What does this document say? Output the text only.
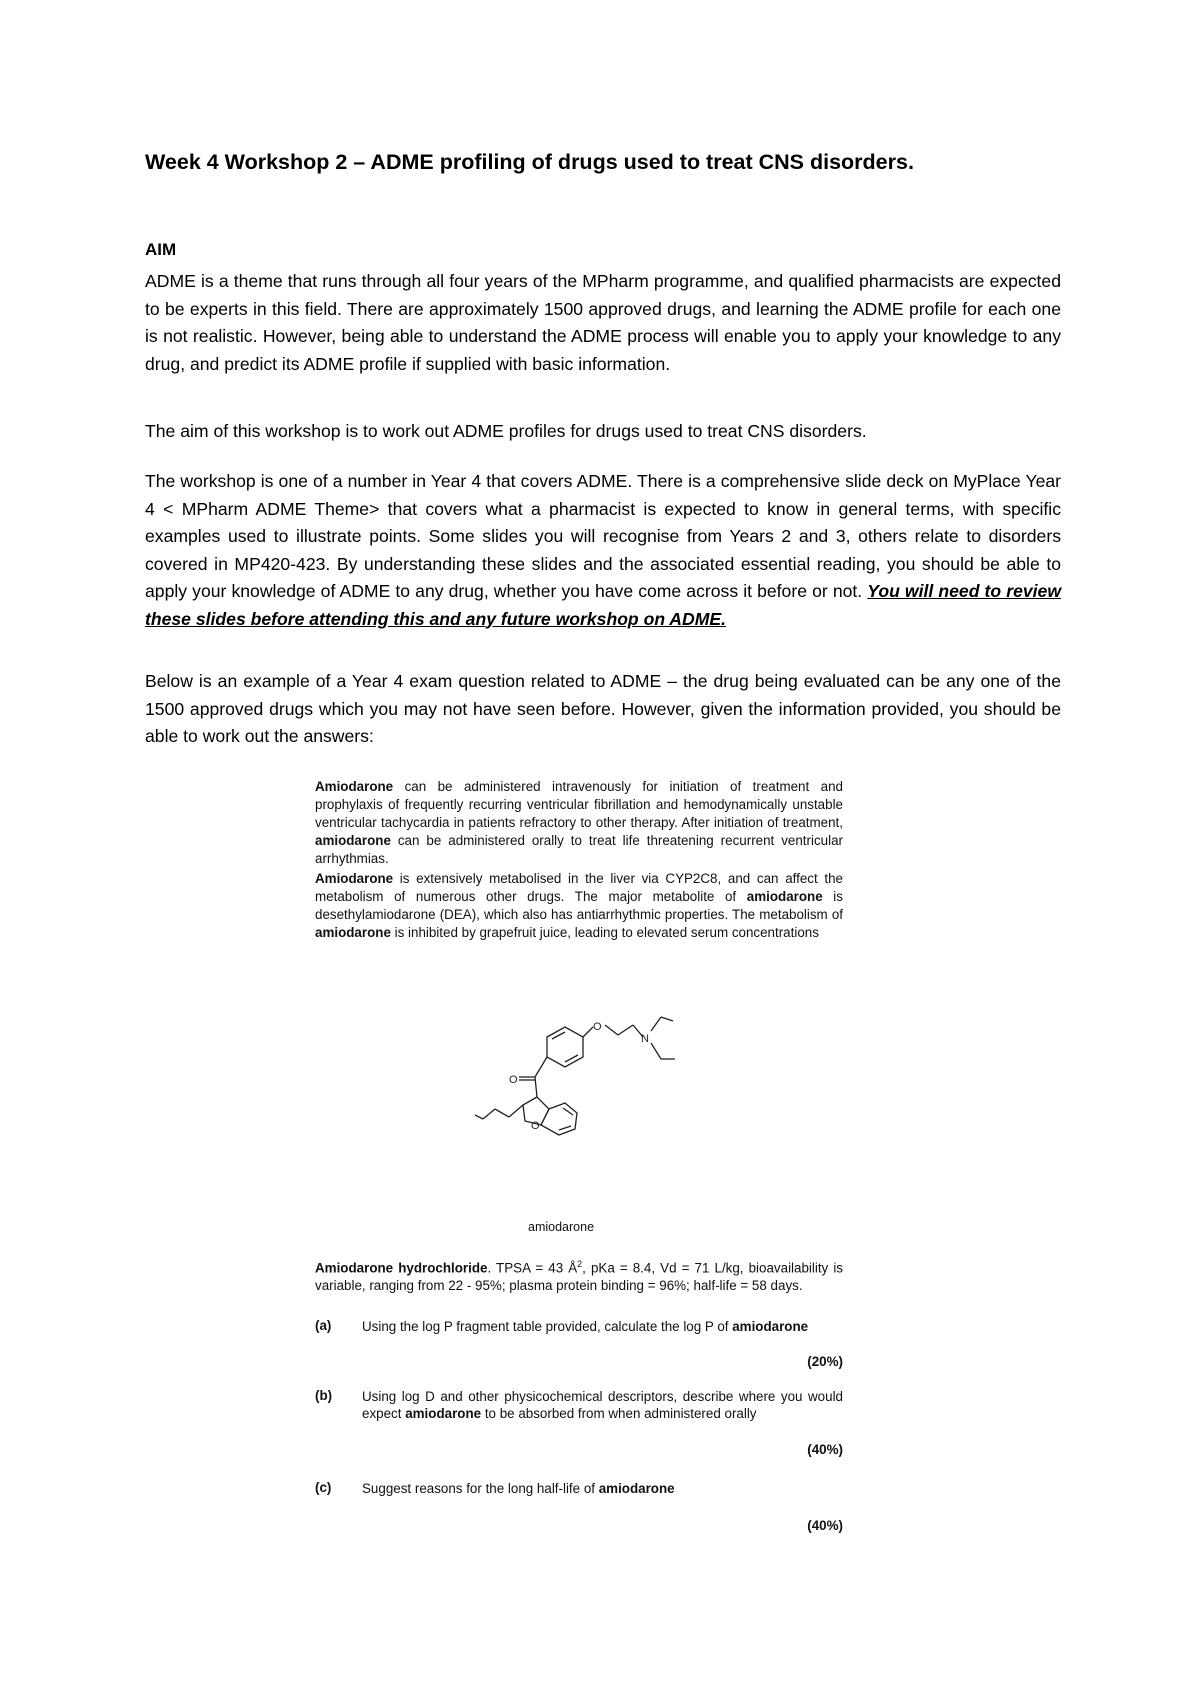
Week 4 Workshop 2 – ADME profiling of drugs used to treat CNS disorders.
AIM

ADME is a theme that runs through all four years of the MPharm programme, and qualified pharmacists are expected to be experts in this field. There are approximately 1500 approved drugs, and learning the ADME profile for each one is not realistic. However, being able to understand the ADME process will enable you to apply your knowledge to any drug, and predict its ADME profile if supplied with basic information.

The aim of this workshop is to work out ADME profiles for drugs used to treat CNS disorders.

The workshop is one of a number in Year 4 that covers ADME. There is a comprehensive slide deck on MyPlace Year 4 < MPharm ADME Theme> that covers what a pharmacist is expected to know in general terms, with specific examples used to illustrate points. Some slides you will recognise from Years 2 and 3, others relate to disorders covered in MP420-423. By understanding these slides and the associated essential reading, you should be able to apply your knowledge of ADME to any drug, whether you have come across it before or not. You will need to review these slides before attending this and any future workshop on ADME.

Below is an example of a Year 4 exam question related to ADME – the drug being evaluated can be any one of the 1500 approved drugs which you may not have seen before. However, given the information provided, you should be able to work out the answers:

Amiodarone can be administered intravenously for initiation of treatment and prophylaxis of frequently recurring ventricular fibrillation and hemodynamically unstable ventricular tachycardia in patients refractory to other therapy. After initiation of treatment, amiodarone can be administered orally to treat life threatening recurrent ventricular arrhythmias.
Amiodarone is extensively metabolised in the liver via CYP2C8, and can affect the metabolism of numerous other drugs. The major metabolite of amiodarone is desethylamiodarone (DEA), which also has antiarrhythmic properties. The metabolism of amiodarone is inhibited by grapefruit juice, leading to elevated serum concentrations
O
N
O
O
amiodarone
Amiodarone hydrochloride. TPSA = 43 $Å^2$, pKa = 8.4, Vd = 71 L/kg, bioavailability is variable, ranging from 22 - 95%; plasma protein binding = 96%; half-life = 58 days.
(a) Using the log P fragment table provided, calculate the log P of amiodarone
(20%)
(b) Using log D and other physicochemical descriptors, describe where you would expect amiodarone to be absorbed from when administered orally
(40%)
(c) Suggest reasons for the long half-life of amiodarone
(40%)
